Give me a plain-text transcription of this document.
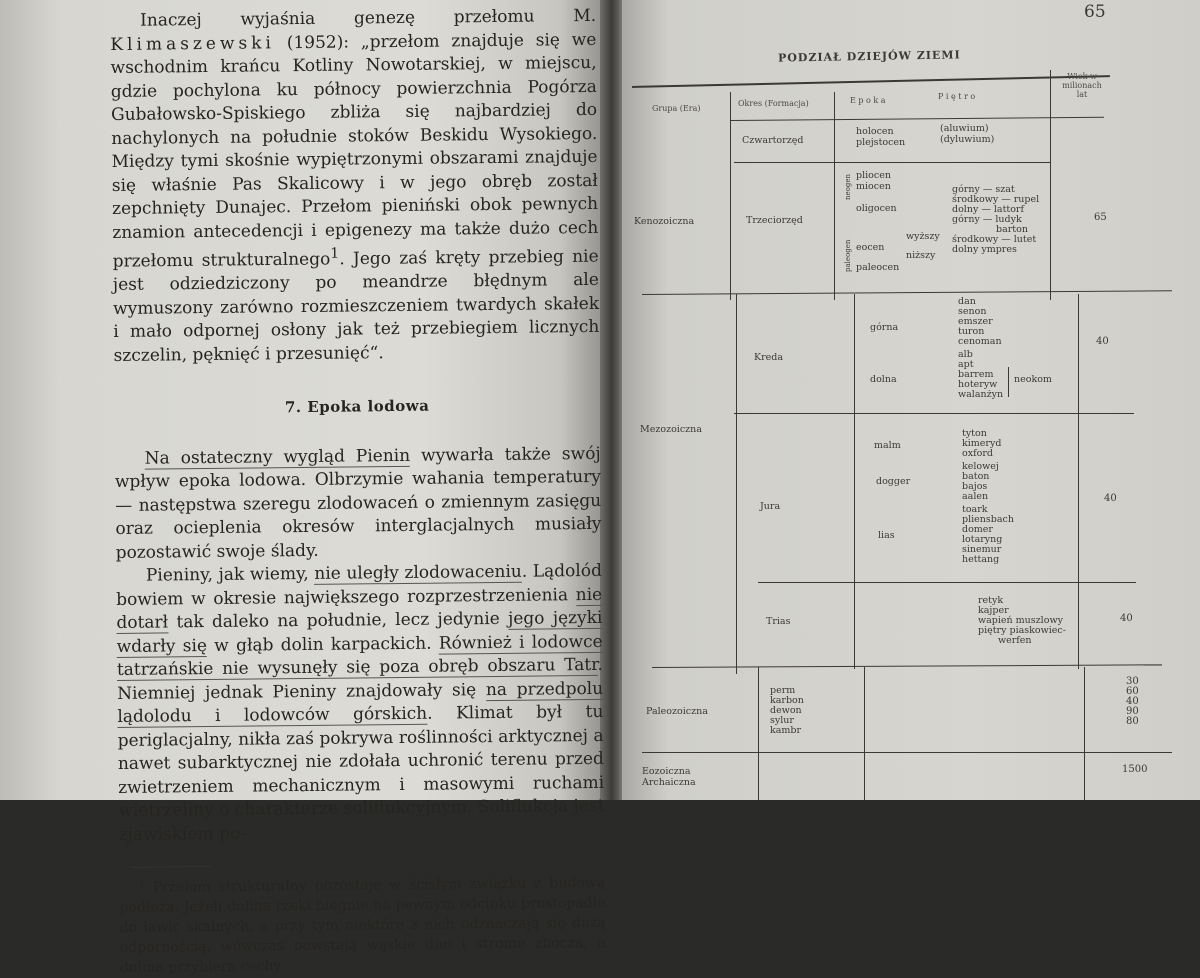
Inaczej wyjaśnia genezę przełomu M. Klimaszewski (1952): „przełom znajduje się we wschodnim krańcu Kotliny Nowotarskiej, w miejscu, gdzie pochylona ku północy powierzchnia Pogórza Gubałowsko-Spiskiego zbliża się najbardziej do nachylonych na południe stoków Beskidu Wysokiego. Między tymi skośnie wypiętrzonymi obszarami znajduje się właśnie Pas Skalicowy i w jego obręb został zepchnięty Dunajec. Przełom pieniński obok pewnych znamion antecedencji i epigenezy ma także dużo cech przełomu strukturalnego$^1$. Jego zaś kręty przebieg nie jest odziedziczony po meandrze błędnym ale wymuszony zarówno rozmieszczeniem twardych skałek i mało odpornej osłony jak też przebiegiem licznych szczelin, pęknięć i przesunięć“.

7. Epoka lodowa

Na ostateczny wygląd Pienin wywarła także swój wpływ epoka lodowa. Olbrzymie wahania temperatury — następstwa szeregu zlodowaceń o zmiennym zasięgu oraz ocieplenia okresów interglacjalnych musiały pozostawić swoje ślady.

Pieniny, jak wiemy, nie uległy zlodowaceniu. Lądolód bowiem w okresie największego rozprzestrzenienia nie dotarł tak daleko na południe, lecz jedynie jego języki wdarły się w głąb dolin karpackich. Również i lodowce tatrzańskie nie wysunęły się poza obręb obszaru Tatr. Niemniej jednak Pieniny znajdowały się na przedpolu lądolodu i lodowców górskich. Klimat był tu periglacjalny, nikła zaś pokrywa roślinności arktycznej a nawet subarktycznej nie zdołała uchronić terenu przed zwietrzeniem mechanicznym i masowymi ruchami wietrzeliny o charakterze soliflukcyjnym. Soliflukcja jest zjawiskiem po-

¹ Przełom strukturalny pozostaje w ścisłym związku z budową podłoża. Jeżeli dolina rzeki biegnie na pewnym odcinku prostopadle do ławic skalnych, a przy tym niektóre z nich odznaczają się dużą odpornością, wówczas powstają wąskie dno i strome zbocza, a dolina przybiera cechy

65
PODZIAŁ DZIEJÓW ZIEMI
Grupa (Era)
Okres (Formacja)	E p o k a	P i ę t r o
Wiek w milionach lat
Kenozoiczna
Czwartorzęd
holocen
plejstocen
(aluwium)
(dyluwium)
Trzeciorzęd
neogen
paleogen
pliocen
miocen
oligocen
eocen
paleocen
wyższy
niższy
górny — szat
środkowy — rupel
dolny — lattorf
górny — ludyk
barton
środkowy — lutet
dolny ympres
65
Mezozoiczna
Kreda
górna
dolna
dan
senon
emszer
turon
cenoman
alb
apt
barrem
hoteryw
walanżyn
neokom
40
Jura
malm
dogger
lias
tyton
kimeryd
oxford
kelowej
baton
bajos
aalen
toark
pliensbach
domer
lotaryng
sinemur
hettang
40
Trias
retyk
kajper
wapień muszlowy
piętry piaskowiec-
werfen
40
Paleozoiczna
perm
karbon
dewon
sylur
kambr
30
60
40
90
80
Eozoiczna
Archaiczna
1500
